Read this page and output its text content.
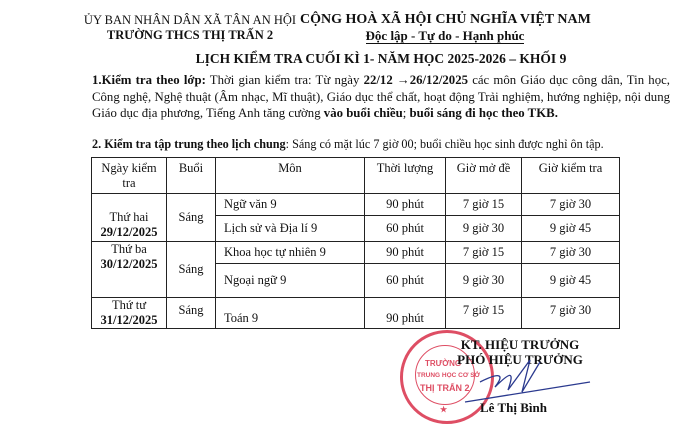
ỦY BAN NHÂN DÂN XÃ TÂN AN HỘI
TRƯỜNG THCS THỊ TRẤN 2
CỘNG HOÀ XÃ HỘI CHỦ NGHĨA VIỆT NAM
Độc lập - Tự do - Hạnh phúc
LỊCH KIỂM TRA CUỐI KÌ 1- NĂM HỌC 2025-2026 – KHỐI 9
1.Kiểm tra theo lớp: Thời gian kiểm tra: Từ ngày 22/12 →26/12/2025 các môn Giáo dục công dân, Tin học, Công nghệ, Nghệ thuật (Âm nhạc, Mĩ thuật), Giáo dục thể chất, hoạt động Trải nghiệm, hướng nghiệp, nội dung Giáo dục địa phương, Tiếng Anh tăng cường vào buổi chiều; buổi sáng đi học theo TKB.
2. Kiểm tra tập trung theo lịch chung: Sáng có mặt lúc 7 giờ 00; buổi chiều học sinh được nghỉ ôn tập.
Ngày kiểm tra	Buổi	Môn	Thời lượng	Giờ mở đề	Giờ kiểm tra

Thứ hai
29/12/2025	Sáng	Ngữ văn 9	90 phút	7 giờ 15	7 giờ 30
		Lịch sử và Địa lí 9	60 phút	9 giờ 30	9 giờ 45

Thứ ba
30/12/2025	Sáng	Khoa học tự nhiên 9	90 phút	7 giờ 15	7 giờ 30
		Ngoại ngữ 9	60 phút	9 giờ 30	9 giờ 45

Thứ tư
31/12/2025	Sáng	Toán 9	90 phút	7 giờ 15	7 giờ 30
TRƯỜNG
TRUNG HỌC CƠ SỞ
THỊ TRẤN 2
★
KT. HIỆU TRƯỞNG
PHÓ HIỆU TRƯỞNG
Lê Thị Bình
